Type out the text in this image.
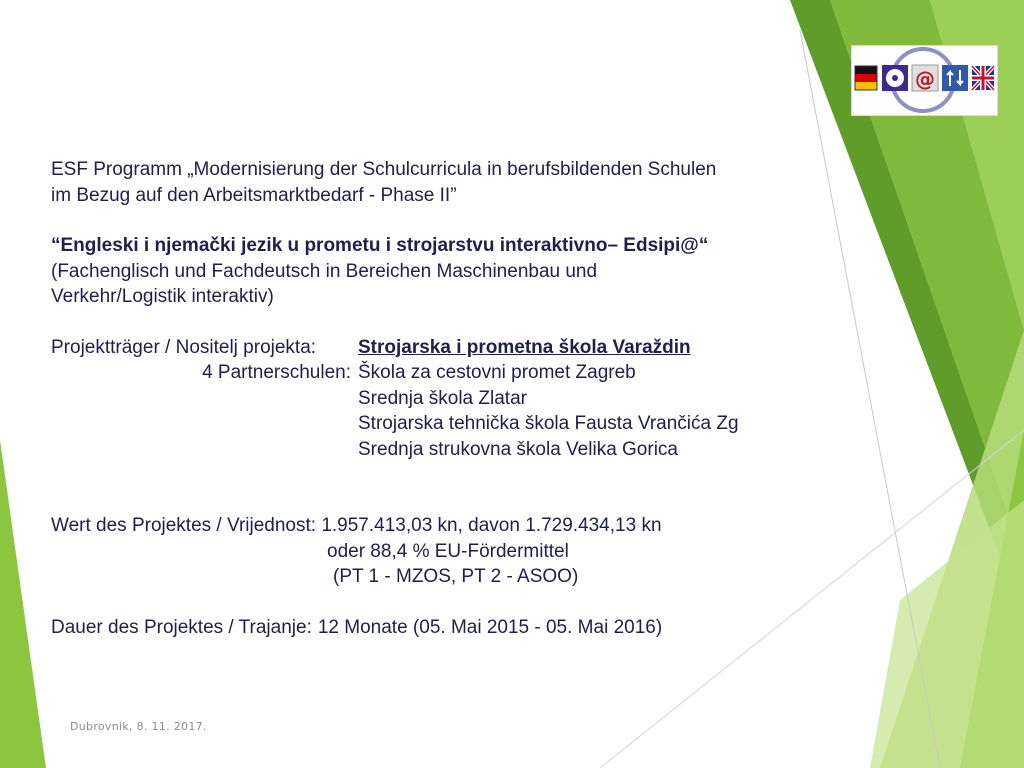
@
ESF Programm „Modernisierung der Schulcurricula in berufsbildenden Schulen
im Bezug auf den Arbeitsmarktbedarf - Phase II”
“Engleski i njemački jezik u prometu i strojarstvu interaktivno– Edsipi@“
(Fachenglisch und Fachdeutsch in Bereichen Maschinenbau und
Verkehr/Logistik interaktiv)
Projektträger / Nositelj projekta: Strojarska i prometna škola Varaždin
4 Partnerschulen: Škola za cestovni promet Zagreb
Srednja škola Zlatar
Strojarska tehnička škola Fausta Vrančića Zg
Srednja strukovna škola Velika Gorica
Wert des Projektes / Vrijednost: 1.957.413,03 kn, davon 1.729.434,13 kn
oder 88,4 % EU-Fördermittel
(PT 1 - MZOS, PT 2 - ASOO)
Dauer des Projektes / Trajanje: 12 Monate (05. Mai 2015 - 05. Mai 2016)
Dubrovnik, 8. 11. 2017.
